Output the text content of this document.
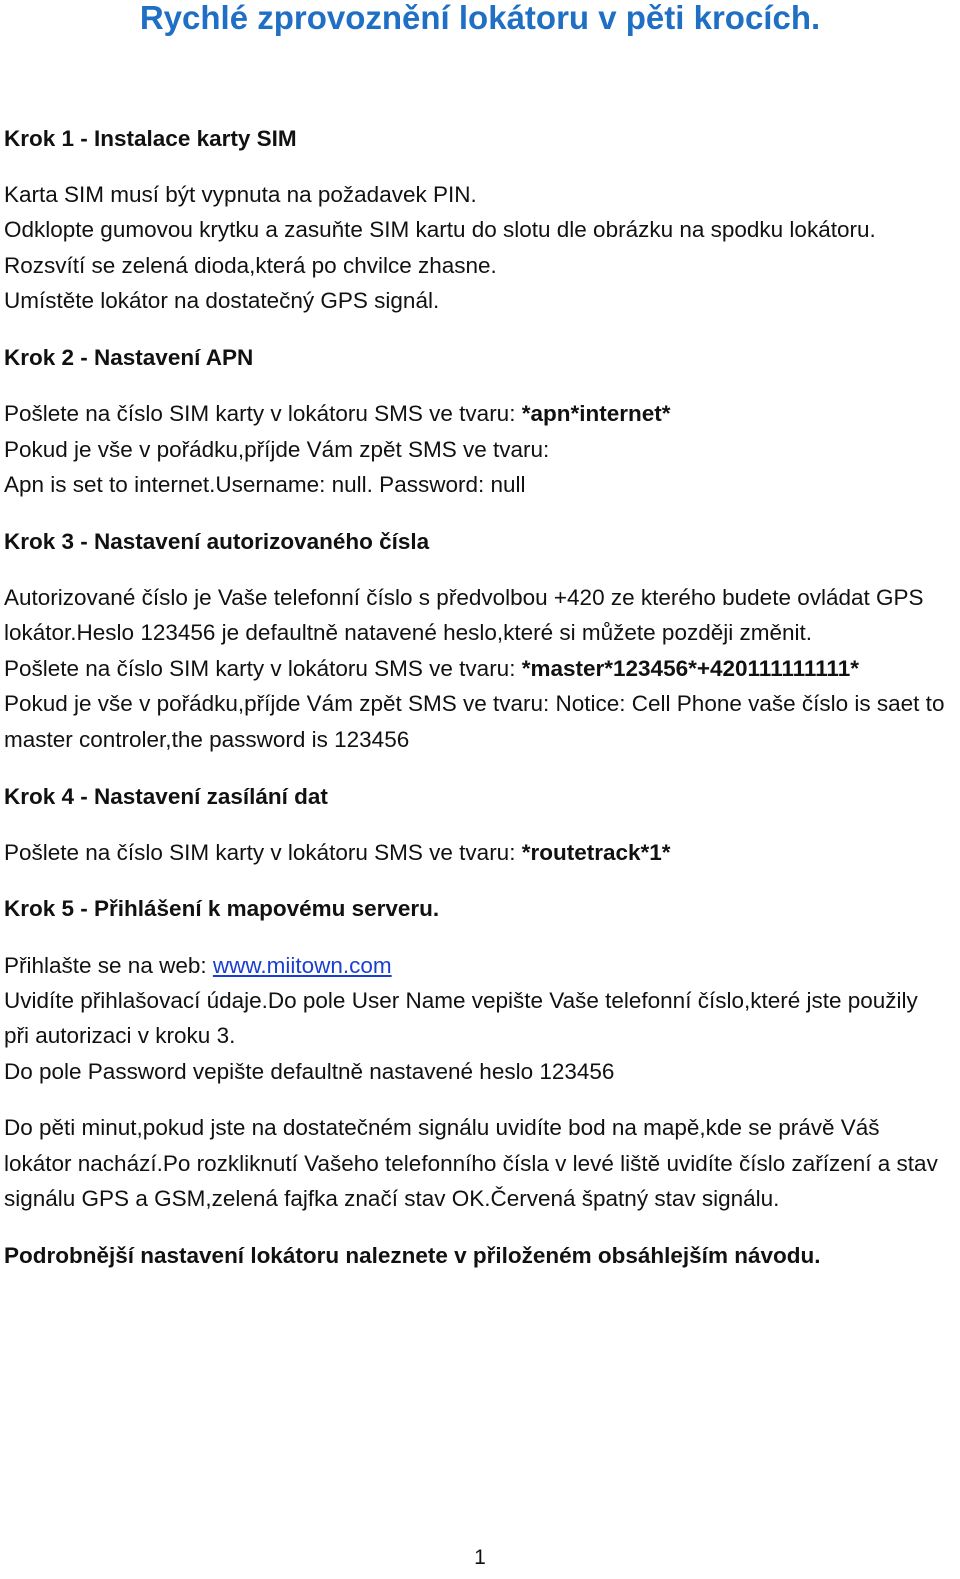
Rychlé zprovoznění lokátoru v pěti krocích.
Krok 1 - Instalace karty SIM
Karta SIM musí být vypnuta na požadavek PIN.
Odklopte gumovou krytku a zasuňte SIM kartu do slotu dle obrázku na spodku lokátoru.
Rozsvítí se zelená dioda,která po chvilce zhasne.
Umístěte lokátor na dostatečný GPS signál.
Krok 2 - Nastavení APN
Pošlete na číslo SIM karty v lokátoru SMS ve tvaru: *apn*internet*
Pokud je vše v pořádku,příjde Vám zpět SMS ve tvaru:
Apn is set to internet.Username: null. Password: null
Krok 3 - Nastavení autorizovaného čísla
Autorizované číslo je Vaše telefonní číslo s předvolbou +420 ze kterého budete ovládat GPS
lokátor.Heslo 123456 je defaultně natavené heslo,které si můžete později změnit.
Pošlete na číslo SIM karty v lokátoru SMS ve tvaru: *master*123456*+420111111111*
Pokud je vše v pořádku,příjde Vám zpět SMS ve tvaru: Notice: Cell Phone vaše číslo is saet to
master controler,the password is 123456
Krok 4 - Nastavení zasílání dat
Pošlete na číslo SIM karty v lokátoru SMS ve tvaru: *routetrack*1*
Krok 5 - Přihlášení k mapovému serveru.
Přihlašte se na web: www.miitown.com
Uvidíte přihlašovací údaje.Do pole User Name vepište Vaše telefonní číslo,které jste použily
při autorizaci v kroku 3.
Do pole Password vepište defaultně nastavené heslo 123456
Do pěti minut,pokud jste na dostatečném signálu uvidíte bod na mapě,kde se právě Váš
lokátor nachází.Po rozkliknutí Vašeho telefonního čísla v levé liště uvidíte číslo zařízení a stav
signálu GPS a GSM,zelená fajfka značí stav OK.Červená špatný stav signálu.
Podrobnější nastavení lokátoru naleznete v přiloženém obsáhlejším návodu.
1
